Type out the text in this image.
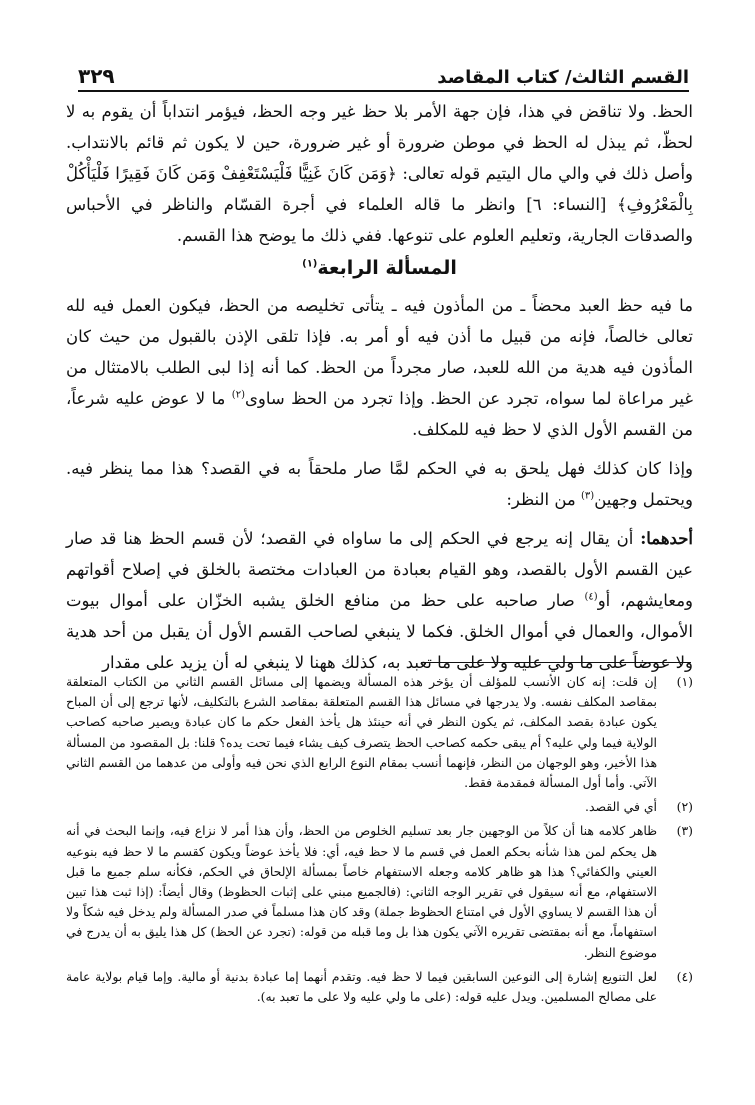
القسم الثالث/ كتاب المقاصد
٣٢٩

الحظ. ولا تناقض في هذا، فإن جهة الأمر بلا حظ غير وجه الحظ، فيؤمر انتداباً أن يقوم به لا لحظّ، ثم يبذل له الحظ في موطن ضرورة أو غير ضرورة، حين لا يكون ثم قائم بالانتداب. وأصل ذلك في والي مال اليتيم قوله تعالى: ﴿وَمَن كَانَ غَنِيًّا فَلْيَسْتَعْفِفْ وَمَن كَانَ فَقِيرًا فَلْيَأْكُلْ بِالْمَعْرُوفِ﴾ [النساء: ٦] وانظر ما قاله العلماء في أجرة القسّام والناظر في الأحباس والصدقات الجارية، وتعليم العلوم على تنوعها. ففي ذلك ما يوضح هذا القسم.

المسألة الرابعة$^{(١)}$

ما فيه حظ العبد محضاً ـ من المأذون فيه ـ يتأتى تخليصه من الحظ، فيكون العمل فيه لله تعالى خالصاً، فإنه من قبيل ما أذن فيه أو أمر به. فإذا تلقى الإذن بالقبول من حيث كان المأذون فيه هدية من الله للعبد، صار مجرداً من الحظ. كما أنه إذا لبى الطلب بالامتثال من غير مراعاة لما سواه، تجرد عن الحظ. وإذا تجرد من الحظ ساوى$^{(٢)}$ ما لا عوض عليه شرعاً، من القسم الأول الذي لا حظ فيه للمكلف.

وإذا كان كذلك فهل يلحق به في الحكم لمَّا صار ملحقاً به في القصد؟ هذا مما ينظر فيه. ويحتمل وجهين$^{(٣)}$ من النظر:

أحدهما: أن يقال إنه يرجع في الحكم إلى ما ساواه في القصد؛ لأن قسم الحظ هنا قد صار عين القسم الأول بالقصد، وهو القيام بعبادة من العبادات مختصة بالخلق في إصلاح أقواتهم ومعايشهم، أو$^{(٤)}$ صار صاحبه على حظ من منافع الخلق يشبه الخزّان على أموال بيوت الأموال، والعمال في أموال الخلق. فكما لا ينبغي لصاحب القسم الأول أن يقبل من أحد هدية ولا عوضاً على ما ولي عليه ولا على ما تعبد به، كذلك ههنا لا ينبغي له أن يزيد على مقدار

(١)
إن قلت: إنه كان الأنسب للمؤلف أن يؤخر هذه المسألة ويضمها إلى مسائل القسم الثاني من الكتاب المتعلقة بمقاصد المكلف نفسه. ولا يدرجها في مسائل هذا القسم المتعلقة بمقاصد الشرع بالتكليف، لأنها ترجع إلى أن المباح يكون عبادة بقصد المكلف، ثم يكون النظر في أنه حينئذ هل يأخذ الفعل حكم ما كان عبادة ويصير صاحبه كصاحب الولاية فيما ولي عليه؟ أم يبقى حكمه كصاحب الحظ يتصرف كيف يشاء فيما تحت يده؟ قلنا: بل المقصود من المسألة هذا الأخير، وهو الوجهان من النظر، فإنهما أنسب بمقام النوع الرابع الذي نحن فيه وأولى من عدهما من القسم الثاني الآتي. وأما أول المسألة فمقدمة فقط.
(٢)
أي في القصد.
(٣)
ظاهر كلامه هنا أن كلاً من الوجهين جار بعد تسليم الخلوص من الحظ، وأن هذا أمر لا نزاع فيه، وإنما البحث في أنه هل يحكم لمن هذا شأنه بحكم العمل في قسم ما لا حظ فيه، أي: فلا يأخذ عوضاً ويكون كقسم ما لا حظ فيه بنوعيه العيني والكفائي؟ هذا هو ظاهر كلامه وجعله الاستفهام خاصاً بمسألة الإلحاق في الحكم، فكأنه سلم جميع ما قبل الاستفهام، مع أنه سيقول في تقرير الوجه الثاني: (فالجميع مبني على إثبات الحظوظ) وقال أيضاً: (إذا ثبت هذا تبين أن هذا القسم لا يساوي الأول في امتناع الحظوظ جملة) وقد كان هذا مسلماً في صدر المسألة ولم يدخل فيه شكاً ولا استفهاماً، مع أنه بمقتضى تقريره الآتي يكون هذا بل وما قبله من قوله: (تجرد عن الحظ) كل هذا يليق به أن يدرج في موضوع النظر.
(٤)
لعل التنويع إشارة إلى النوعين السابقين فيما لا حظ فيه. وتقدم أنهما إما عبادة بدنية أو مالية. وإما قيام بولاية عامة على مصالح المسلمين. ويدل عليه قوله: (على ما ولي عليه ولا على ما تعبد به).
